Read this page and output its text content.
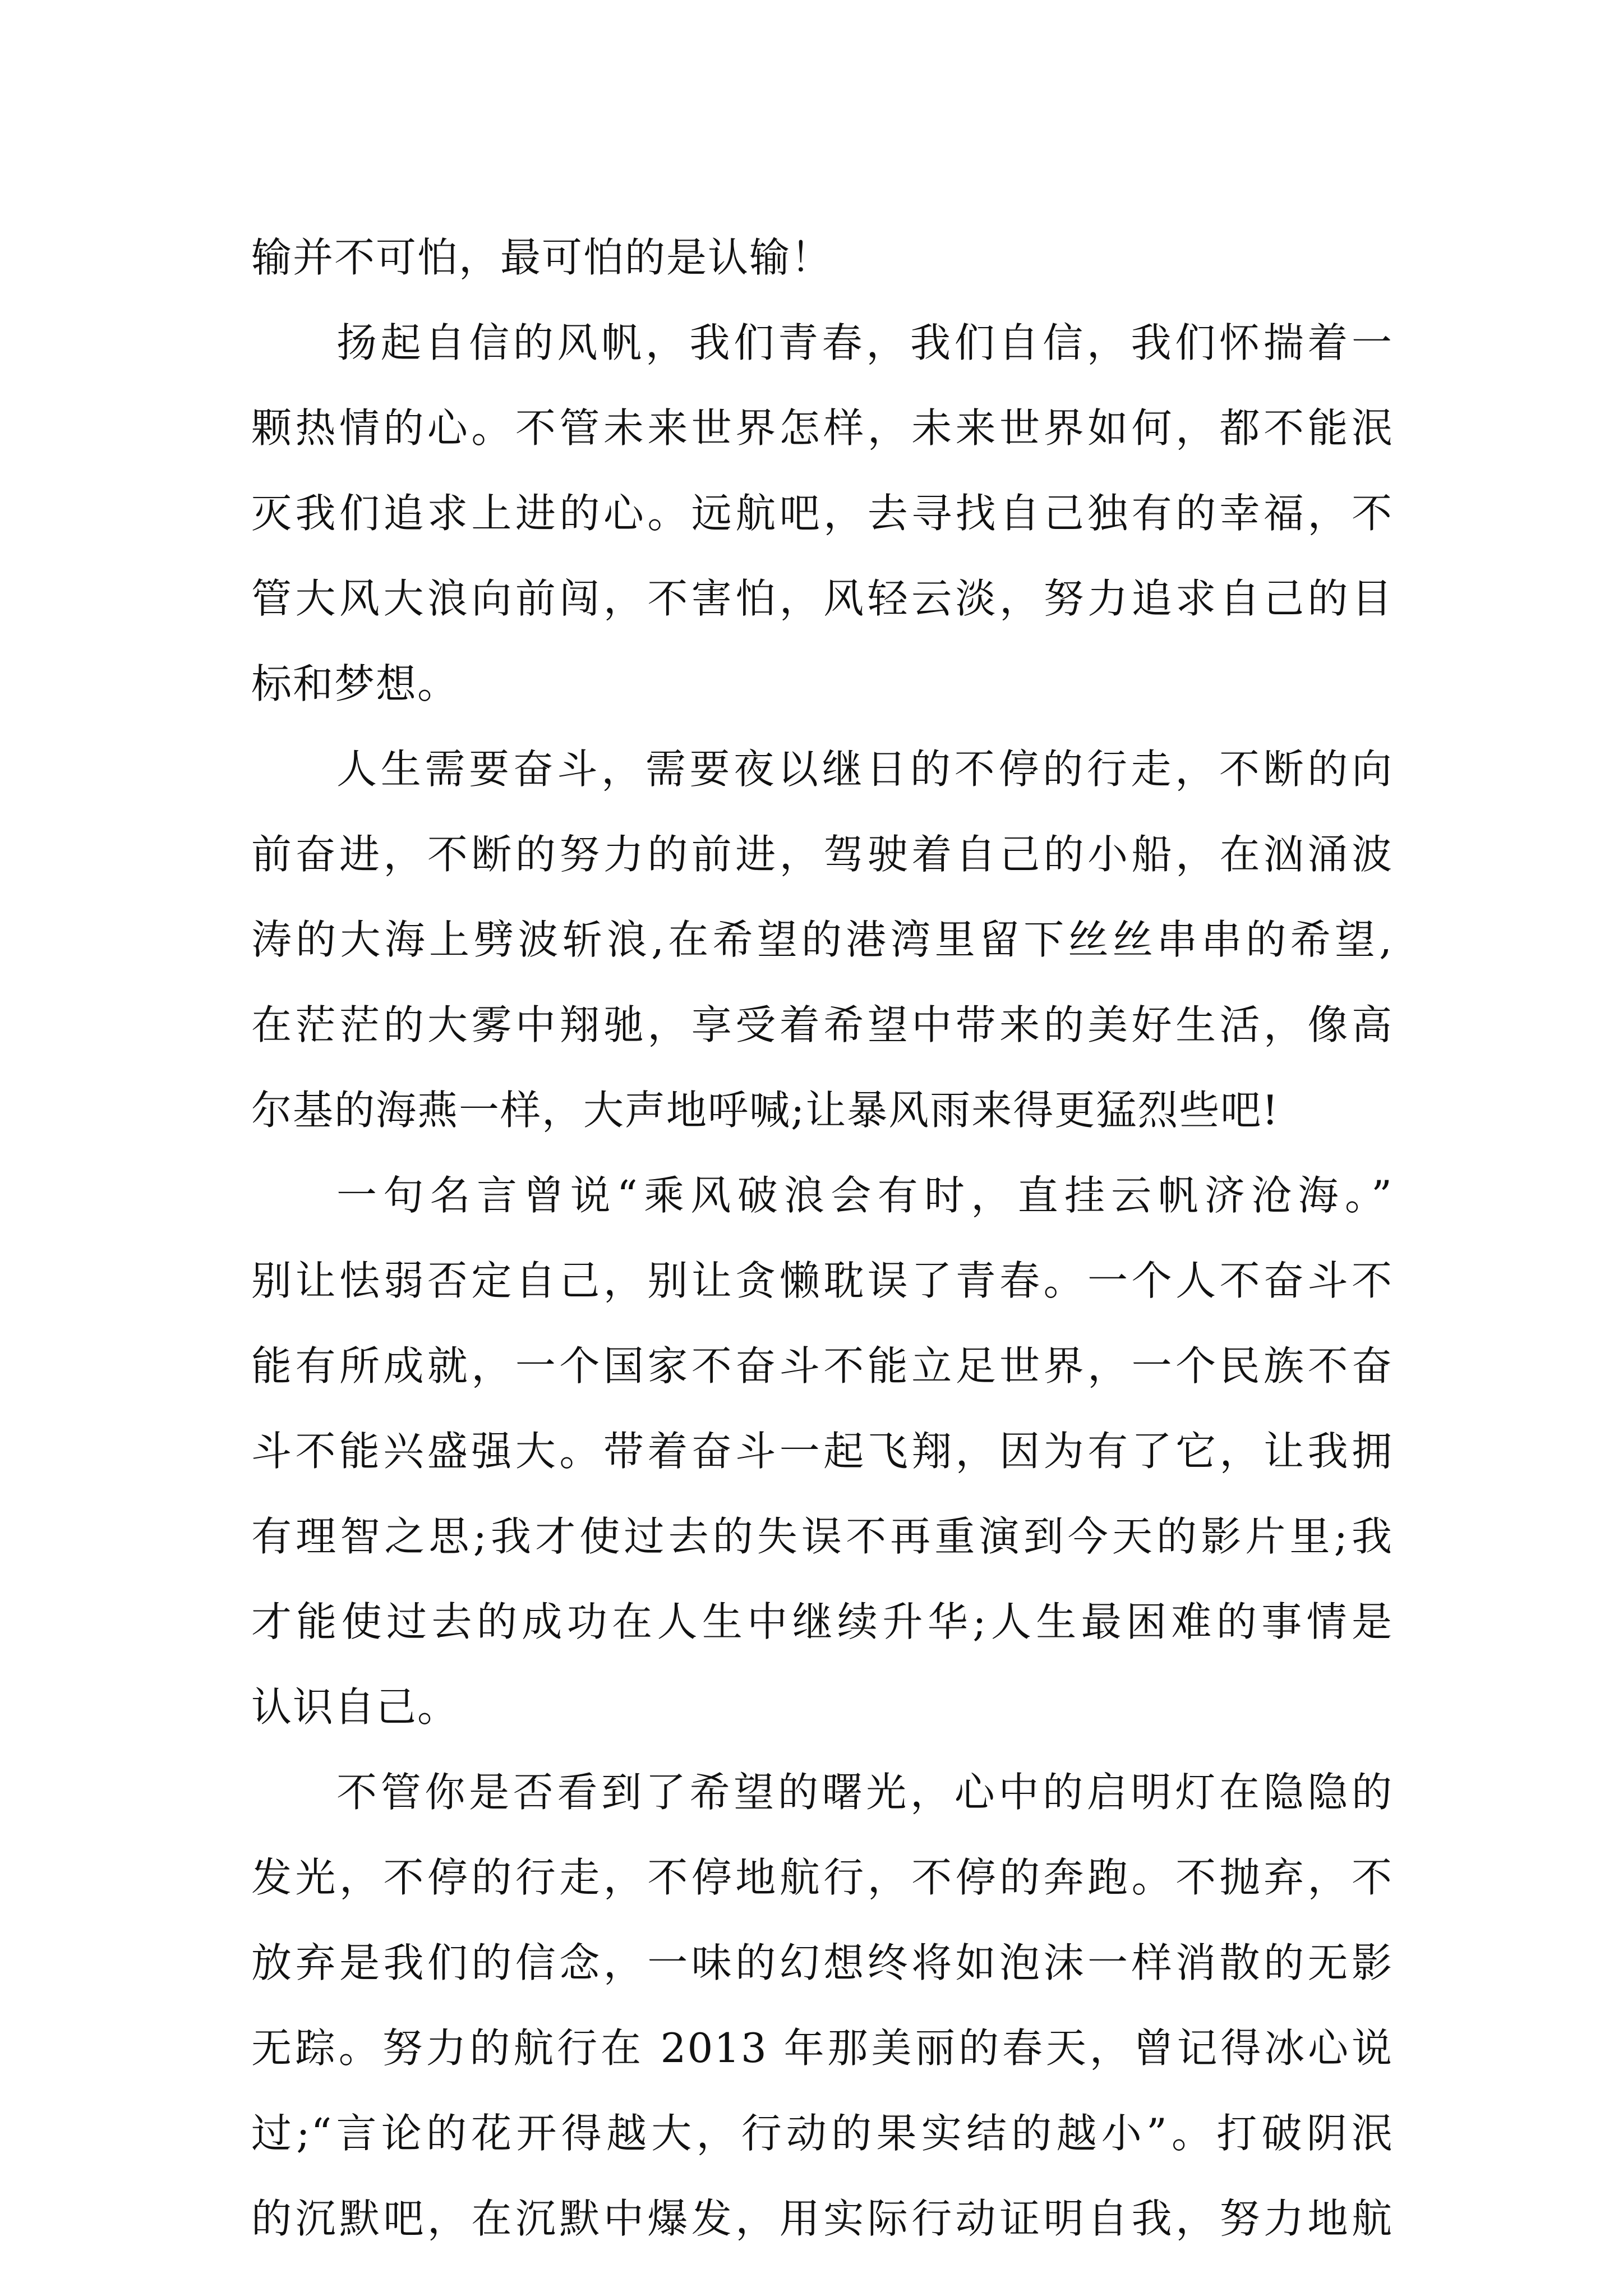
输并不可怕，最可怕的是认输！
扬起自信的风帆，我们青春，我们自信，我们怀揣着一
颗热情的心。不管未来世界怎样，未来世界如何，都不能泯
灭我们追求上进的心。远航吧，去寻找自己独有的幸福，不
管大风大浪向前闯，不害怕，风轻云淡，努力追求自己的目
标和梦想。
人生需要奋斗，需要夜以继日的不停的行走，不断的向
前奋进，不断的努力的前进，驾驶着自己的小船，在汹涌波
涛的大海上劈波斩浪,在希望的港湾里留下丝丝串串的希望,
在茫茫的大雾中翔驰，享受着希望中带来的美好生活，像高
尔基的海燕一样，大声地呼喊;让暴风雨来得更猛烈些吧!
一句名言曾说“乘风破浪会有时，直挂云帆济沧海。”
别让怯弱否定自己，别让贪懒耽误了青春。一个人不奋斗不
能有所成就，一个国家不奋斗不能立足世界，一个民族不奋
斗不能兴盛强大。带着奋斗一起飞翔，因为有了它，让我拥
有理智之思;我才使过去的失误不再重演到今天的影片里;我
才能使过去的成功在人生中继续升华;人生最困难的事情是
认识自己。
不管你是否看到了希望的曙光，心中的启明灯在隐隐的
发光，不停的行走，不停地航行，不停的奔跑。不抛弃，不
放弃是我们的信念，一味的幻想终将如泡沫一样消散的无影
无踪。努力的航行在 2013 年那美丽的春天，曾记得冰心说
过;“言论的花开得越大，行动的果实结的越小”。打破阴泯
的沉默吧，在沉默中爆发，用实际行动证明自我，努力地航
